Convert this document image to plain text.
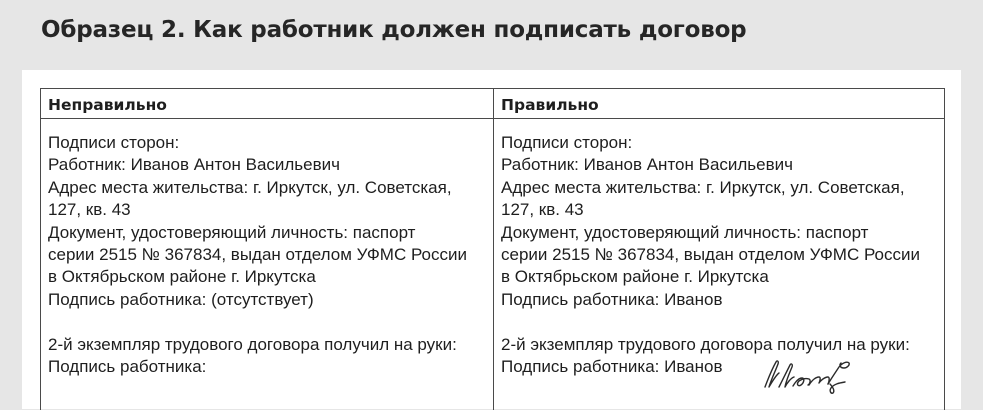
Образец 2. Как работник должен подписать договор
Неправильно
Подписи сторон:
Работник: Иванов Антон Васильевич
Адрес места жительства: г. Иркутск, ул. Советская,
127, кв. 43
Документ, удостоверяющий личность: паспорт
серии 2515 № 367834, выдан отделом УФМС России
в Октябрьском районе г. Иркутска
Подпись работника: (отсутствует)
2-й экземпляр трудового договора получил на руки:
Подпись работника:
Правильно
Подписи сторон:
Работник: Иванов Антон Васильевич
Адрес места жительства: г. Иркутск, ул. Советская,
127, кв. 43
Документ, удостоверяющий личность: паспорт
серии 2515 № 367834, выдан отделом УФМС России
в Октябрьском районе г. Иркутска
Подпись работника: Иванов
2-й экземпляр трудового договора получил на руки:
Подпись работника: Иванов
